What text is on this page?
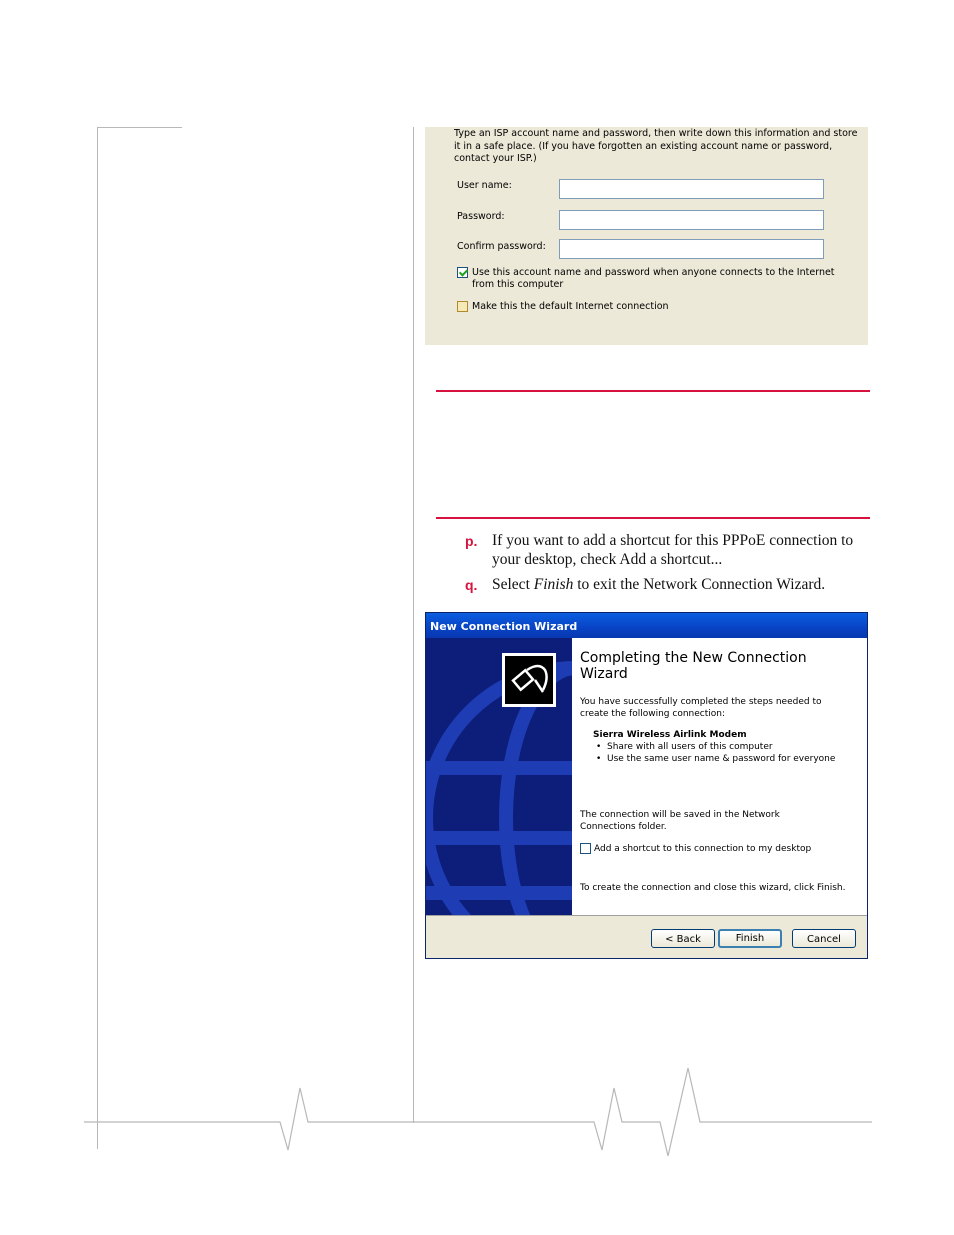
Type an ISP account name and password, then write down this information and store it in a safe place. (If you have forgotten an existing account name or password, contact your ISP.)
User name:
Password:
Confirm password:
Use this account name and password when anyone connects to the Internet from this computer
Make this the default Internet connection
p. If you want to add a shortcut for this PPPoE connection to your desktop, check Add a shortcut...
q. Select Finish to exit the Network Connection Wizard.
New Connection Wizard
Completing the New Connection Wizard
You have successfully completed the steps needed to create the following connection:
Sierra Wireless Airlink Modem
• Share with all users of this computer
• Use the same user name & password for everyone
The connection will be saved in the Network Connections folder.
Add a shortcut to this connection to my desktop
To create the connection and close this wizard, click Finish.
< Back	Finish	Cancel
